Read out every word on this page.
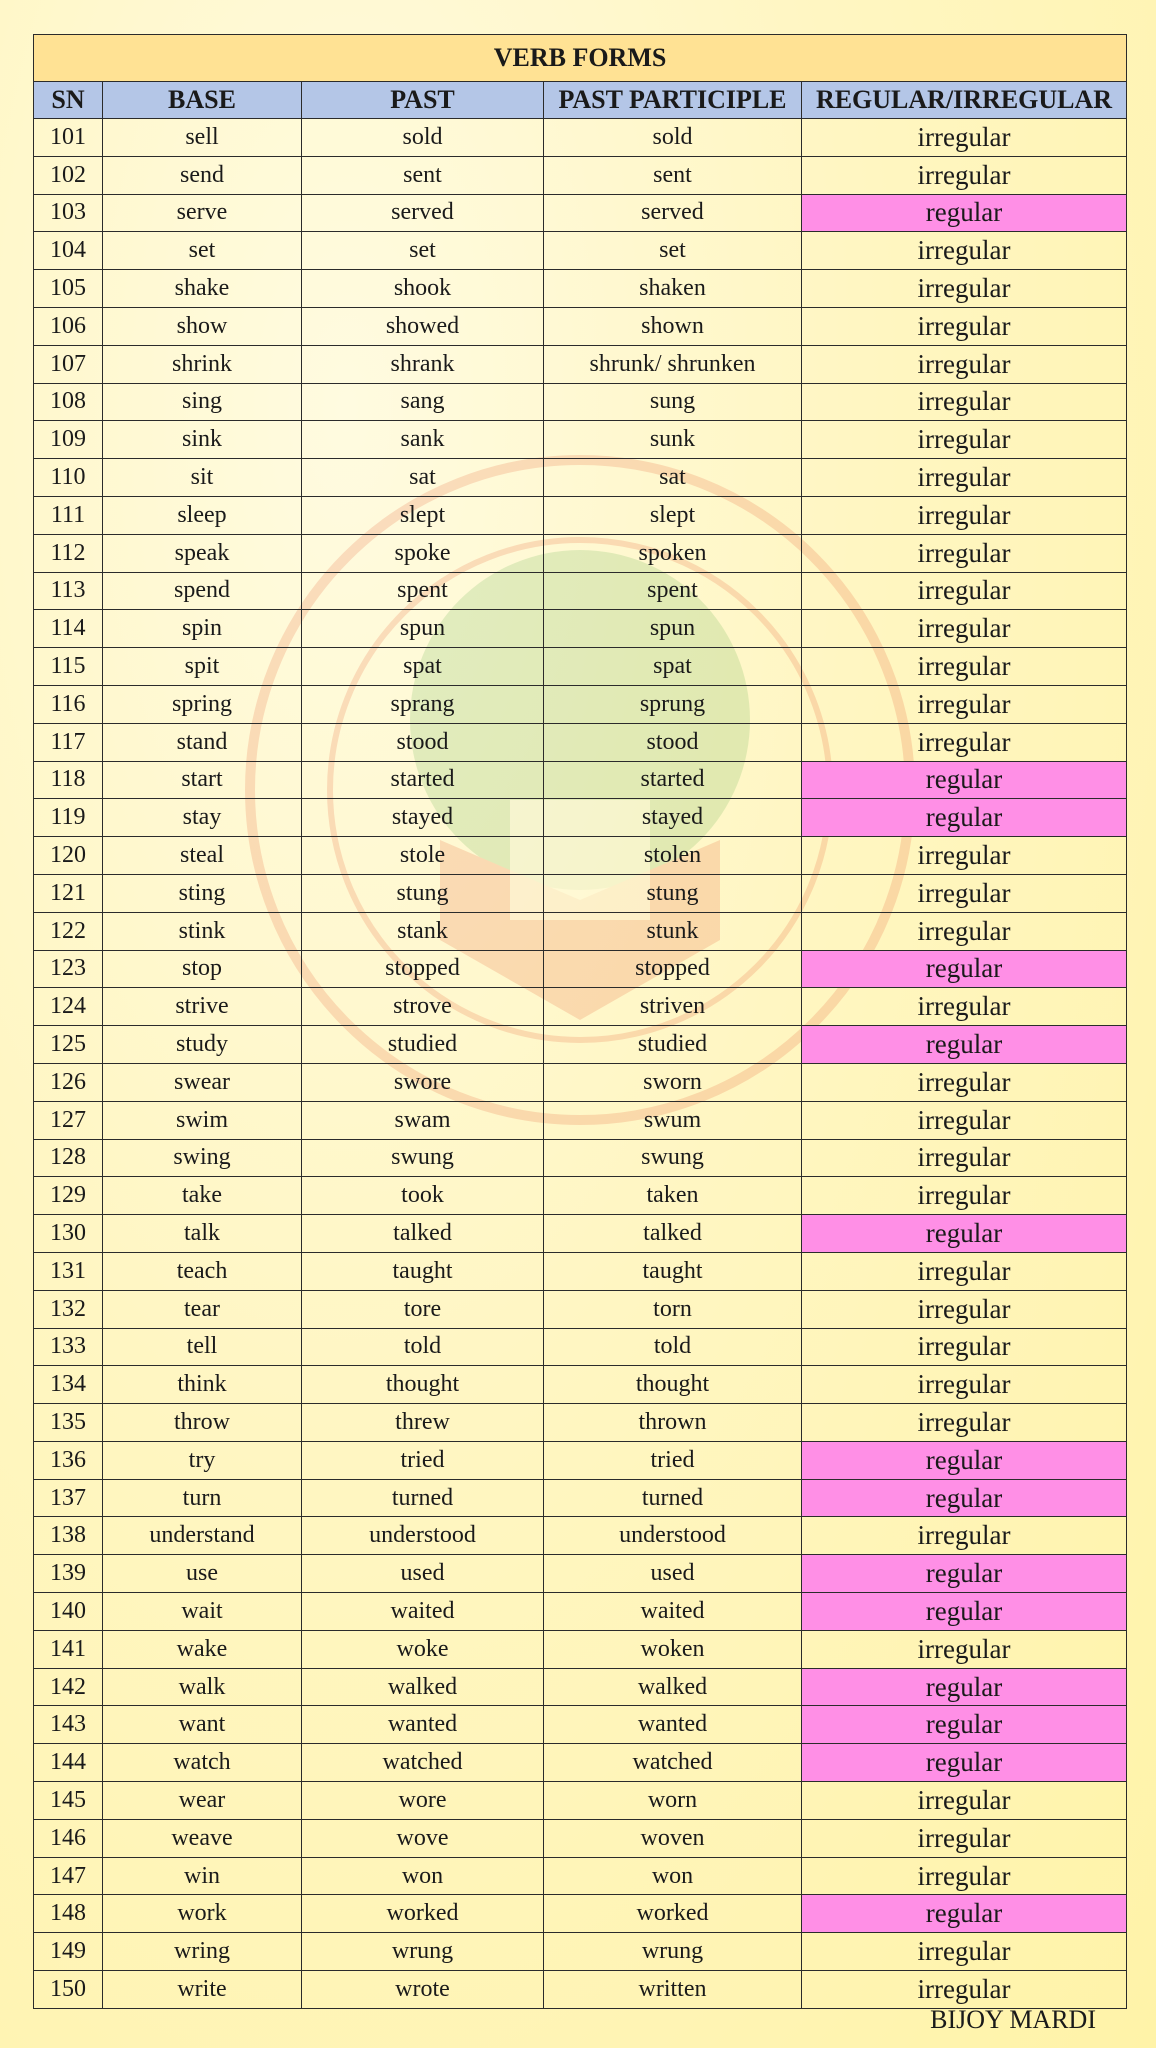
VERB FORMS				
SN	BASE	PAST	PAST PARTICIPLE	REGULAR/IRREGULAR
101	sell	sold	sold	irregular
102	send	sent	sent	irregular
103	serve	served	served	regular
104	set	set	set	irregular
105	shake	shook	shaken	irregular
106	show	showed	shown	irregular
107	shrink	shrank	shrunk/ shrunken	irregular
108	sing	sang	sung	irregular
109	sink	sank	sunk	irregular
110	sit	sat	sat	irregular
111	sleep	slept	slept	irregular
112	speak	spoke	spoken	irregular
113	spend	spent	spent	irregular
114	spin	spun	spun	irregular
115	spit	spat	spat	irregular
116	spring	sprang	sprung	irregular
117	stand	stood	stood	irregular
118	start	started	started	regular
119	stay	stayed	stayed	regular
120	steal	stole	stolen	irregular
121	sting	stung	stung	irregular
122	stink	stank	stunk	irregular
123	stop	stopped	stopped	regular
124	strive	strove	striven	irregular
125	study	studied	studied	regular
126	swear	swore	sworn	irregular
127	swim	swam	swum	irregular
128	swing	swung	swung	irregular
129	take	took	taken	irregular
130	talk	talked	talked	regular
131	teach	taught	taught	irregular
132	tear	tore	torn	irregular
133	tell	told	told	irregular
134	think	thought	thought	irregular
135	throw	threw	thrown	irregular
136	try	tried	tried	regular
137	turn	turned	turned	regular
138	understand	understood	understood	irregular
139	use	used	used	regular
140	wait	waited	waited	regular
141	wake	woke	woken	irregular
142	walk	walked	walked	regular
143	want	wanted	wanted	regular
144	watch	watched	watched	regular
145	wear	wore	worn	irregular
146	weave	wove	woven	irregular
147	win	won	won	irregular
148	work	worked	worked	regular
149	wring	wrung	wrung	irregular
150	write	wrote	written	irregular
BIJOY MARDI
